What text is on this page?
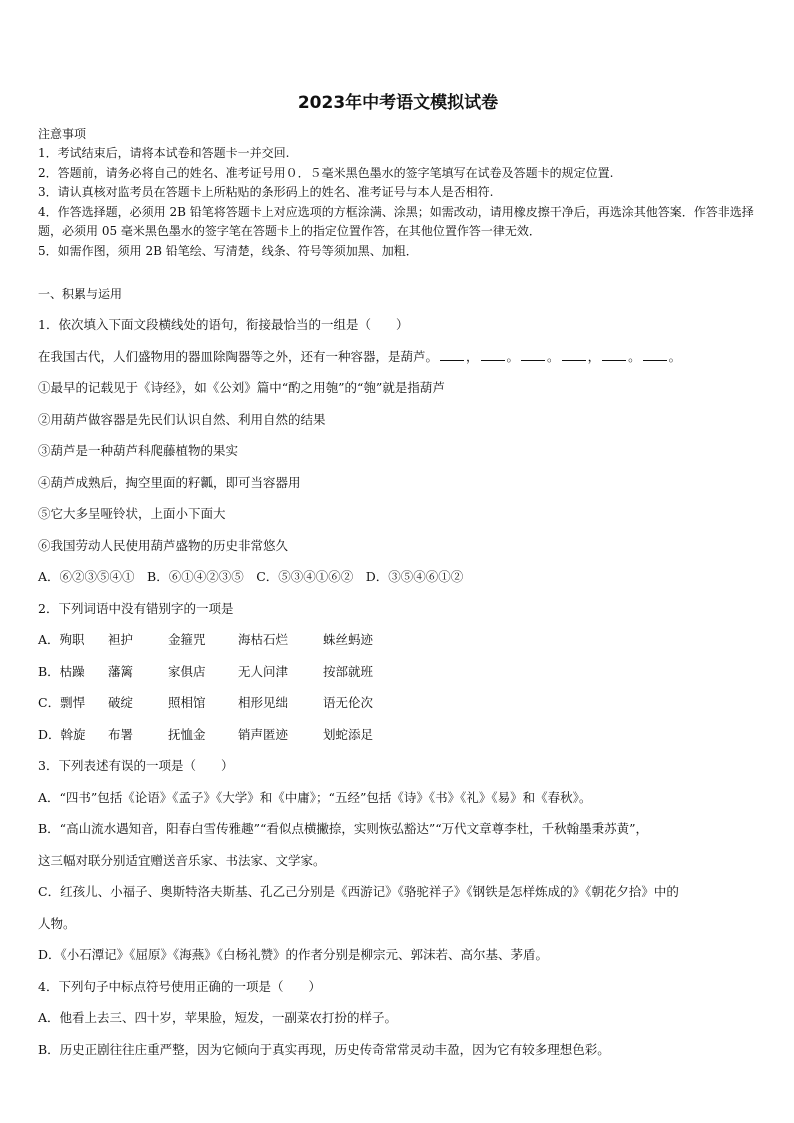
2023年中考语文模拟试卷
注意事项
1．考试结束后，请将本试卷和答题卡一并交回.
2．答题前，请务必将自己的姓名、准考证号用０．５毫米黑色墨水的签字笔填写在试卷及答题卡的规定位置.
3．请认真核对监考员在答题卡上所粘贴的条形码上的姓名、准考证号与本人是否相符.
4．作答选择题，必须用 2B 铅笔将答题卡上对应选项的方框涂满、涂黑；如需改动，请用橡皮擦干净后，再选涂其他答案．作答非选择题，必须用 05 毫米黑色墨水的签字笔在答题卡上的指定位置作答，在其他位置作答一律无效．
5．如需作图，须用 2B 铅笔绘、写清楚，线条、符号等须加黑、加粗．
一、积累与运用
1．依次填入下面文段横线处的语句，衔接最恰当的一组是（　　）
在我国古代，人们盛物用的器皿除陶器等之外，还有一种容器，是葫芦。 ， 。 。 ， 。 。
①最早的记载见于《诗经》，如《公刘》篇中“酌之用匏”的“匏”就是指葫芦
②用葫芦做容器是先民们认识自然、利用自然的结果
③葫芦是一种葫芦科爬藤植物的果实
④葫芦成熟后，掏空里面的籽瓤，即可当容器用
⑤它大多呈哑铃状，上面小下面大
⑥我国劳动人民使用葫芦盛物的历史非常悠久
A．⑥②③⑤④①　B．⑥①④②③⑤　C．⑤③④①⑥②　D．③⑤④⑥①②
2．下列词语中没有错别字的一项是
A．殉职	袒护	金箍咒	海枯石烂	蛛丝蚂迹
B．枯躁	藩篱	家俱店	无人问津	按部就班
C．剽悍	破绽	照相馆	相形见绌	语无伦次
D．斡旋	布署	抚恤金	销声匿迹	划蛇添足
3．下列表述有误的一项是（　　）
A．“四书”包括《论语》《孟子》《大学》和《中庸》；“五经”包括《诗》《书》《礼》《易》和《春秋》。
B．“高山流水遇知音，阳春白雪传雅趣”“看似点横撇捺，实则恢弘豁达”“万代文章尊李杜，千秋翰墨秉苏黄”，
这三幅对联分别适宜赠送音乐家、书法家、文学家。
C．红孩儿、小福子、奥斯特洛夫斯基、孔乙己分别是《西游记》《骆驼祥子》《钢铁是怎样炼成的》《朝花夕拾》中的
人物。
D．《小石潭记》《屈原》《海燕》《白杨礼赞》的作者分别是柳宗元、郭沫若、高尔基、茅盾。
4．下列句子中标点符号使用正确的一项是（　　）
A．他看上去三、四十岁，苹果脸，短发，一副菜农打扮的样子。
B．历史正剧往往庄重严整，因为它倾向于真实再现，历史传奇常常灵动丰盈，因为它有较多理想色彩。
